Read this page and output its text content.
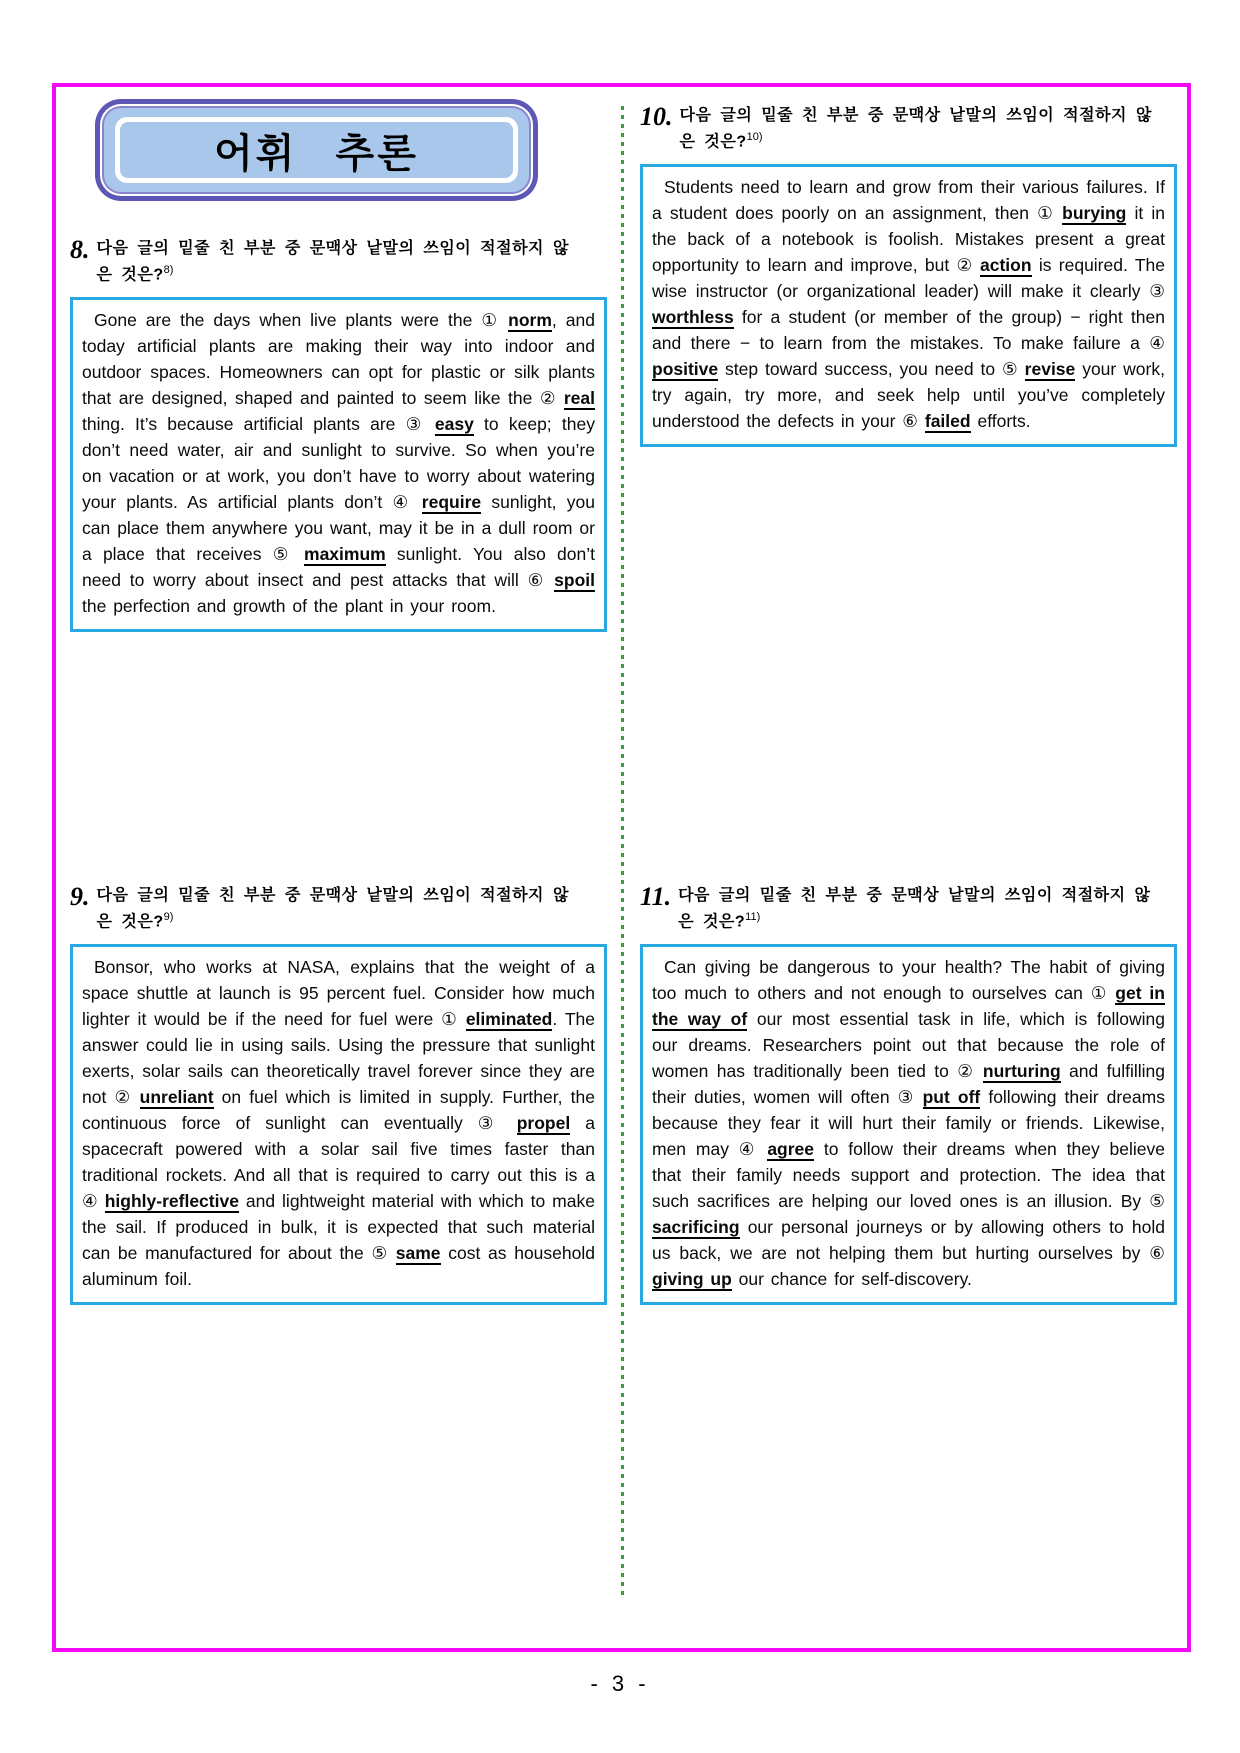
어휘 추론
8. 다음 글의 밑줄 친 부분 중 문맥상 낱말의 쓰임이 적절하지 않은 것은?$^{8)}$

Gone are the days when live plants were the ① norm, and today artificial plants are making their way into indoor and outdoor spaces. Homeowners can opt for plastic or silk plants that are designed, shaped and painted to seem like the ② real thing. It’s because artificial plants are ③ easy to keep; they don’t need water, air and sunlight to survive. So when you’re on vacation or at work, you don’t have to worry about watering your plants. As artificial plants don’t ④ require sunlight, you can place them anywhere you want, may it be in a dull room or a place that receives ⑤ maximum sunlight. You also don’t need to worry about insect and pest attacks that will ⑥ spoil the perfection and growth of the plant in your room.

9. 다음 글의 밑줄 친 부분 중 문맥상 낱말의 쓰임이 적절하지 않은 것은?$^{9)}$

Bonsor, who works at NASA, explains that the weight of a space shuttle at launch is 95 percent fuel. Consider how much lighter it would be if the need for fuel were ① eliminated. The answer could lie in using sails. Using the pressure that sunlight exerts, solar sails can theoretically travel forever since they are not ② unreliant on fuel which is limited in supply. Further, the continuous force of sunlight can eventually ③ propel a spacecraft powered with a solar sail five times faster than traditional rockets. And all that is required to carry out this is a ④ highly-reflective and lightweight material with which to make the sail. If produced in bulk, it is expected that such material can be manufactured for about the ⑤ same cost as household aluminum foil.

10. 다음 글의 밑줄 친 부분 중 문맥상 낱말의 쓰임이 적절하지 않은 것은?$^{10)}$

Students need to learn and grow from their various failures. If a student does poorly on an assignment, then ① burying it in the back of a notebook is foolish. Mistakes present a great opportunity to learn and improve, but ② action is required. The wise instructor (or organizational leader) will make it clearly ③ worthless for a student (or member of the group) − right then and there − to learn from the mistakes. To make failure a ④ positive step toward success, you need to ⑤ revise your work, try again, try more, and seek help until you’ve completely understood the defects in your ⑥ failed efforts.

11. 다음 글의 밑줄 친 부분 중 문맥상 낱말의 쓰임이 적절하지 않은 것은?$^{11)}$

Can giving be dangerous to your health? The habit of giving too much to others and not enough to ourselves can ① get in the way of our most essential task in life, which is following our dreams. Researchers point out that because the role of women has traditionally been tied to ② nurturing and fulfilling their duties, women will often ③ put off following their dreams because they fear it will hurt their family or friends. Likewise, men may ④ agree to follow their dreams when they believe that their family needs support and protection. The idea that such sacrifices are helping our loved ones is an illusion. By ⑤ sacrificing our personal journeys or by allowing others to hold us back, we are not helping them but hurting ourselves by ⑥ giving up our chance for self-discovery.

- 3 -
